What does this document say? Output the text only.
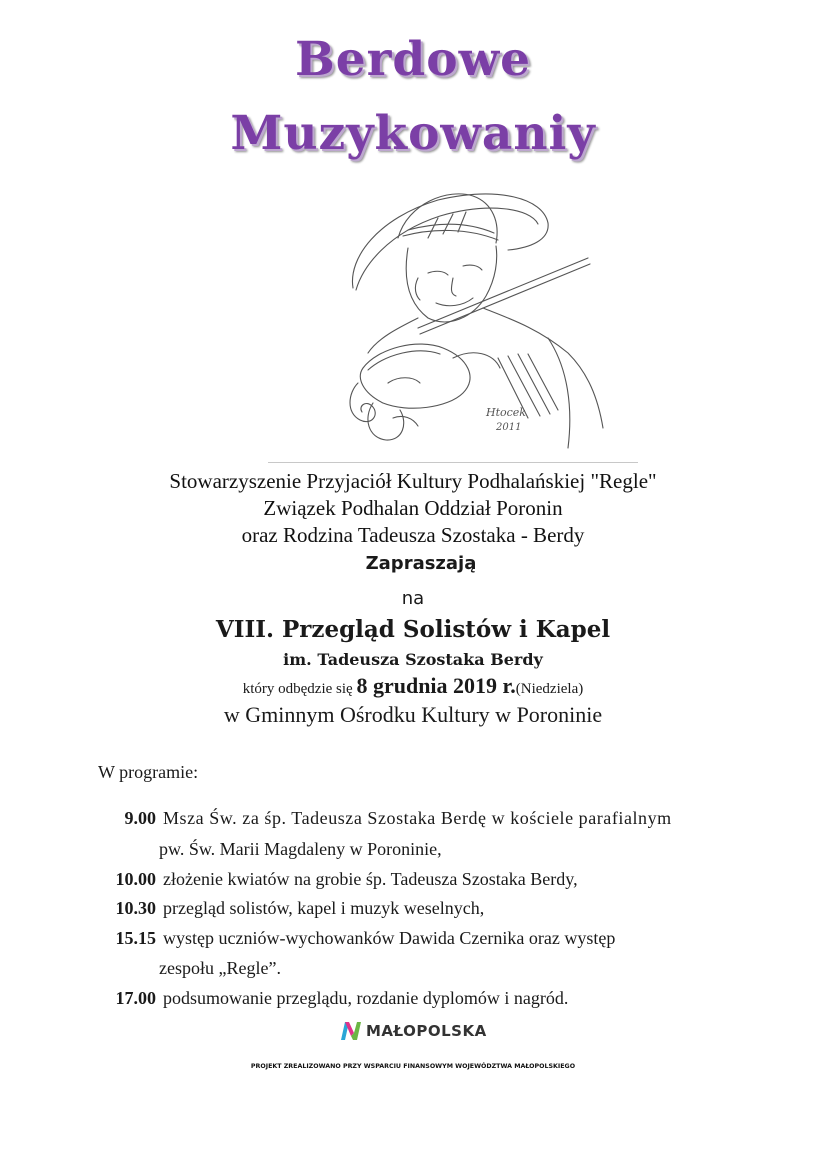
Berdowe
Muzykowaniy
Htocek
2011
Stowarzyszenie Przyjaciół Kultury Podhalańskiej "Regle"
Związek Podhalan Oddział Poronin
oraz Rodzina Tadeusza Szostaka - Berdy
Zapraszają
na
VIII. Przegląd Solistów i Kapel
im. Tadeusza Szostaka Berdy
który odbędzie się 8 grudnia 2019 r.(Niedziela)
w Gminnym Ośrodku Kultury w Poroninie
W programie:
9.00 Msza Św. za śp. Tadeusza Szostaka Berdę w kościele parafialnym
pw. Św. Marii Magdaleny w Poroninie,
10.00 złożenie kwiatów na grobie śp. Tadeusza Szostaka Berdy,
10.30 przegląd solistów, kapel i muzyk weselnych,
15.15 występ uczniów-wychowanków Dawida Czernika oraz występ
zespołu „Regle”.
17.00 podsumowanie przeglądu, rozdanie dyplomów i nagród.
MAŁOPOLSKA
PROJEKT ZREALIZOWANO PRZY WSPARCIU FINANSOWYM WOJEWÓDZTWA MAŁOPOLSKIEGO
